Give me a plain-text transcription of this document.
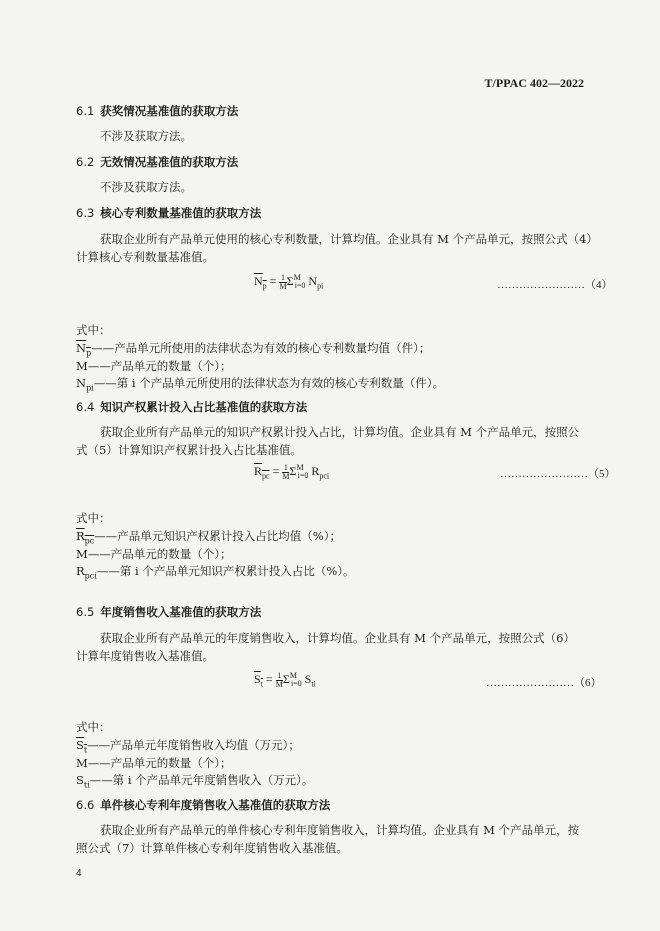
T/PPAC 402—2022
6.1 获奖情况基准值的获取方法
不涉及获取方法。
6.2 无效情况基准值的获取方法
不涉及获取方法。
6.3 核心专利数量基准值的获取方法
获取企业所有产品单元使用的核心专利数量，计算均值。企业具有 M 个产品单元，按照公式（4）
计算核心专利数量基准值。
$\overline{N}_{\overline{p}} = \frac{1}{M} \Sigma^M_{i=0}$ $N_{pi}$	……………………（4）
式中：
$\overline{N}_{\overline{p}}——$产品单元所使用的法律状态为有效的核心专利数量均值（件）；
M——产品单元的数量（个）；
$N_{pi}——$第 i 个产品单元所使用的法律状态为有效的核心专利数量（件）。
6.4 知识产权累计投入占比基准值的获取方法
获取企业所有产品单元的知识产权累计投入占比，计算均值。企业具有 M 个产品单元，按照公
式（5）计算知识产权累计投入占比基准值。
$\overline{R}_{\overline{pc}} = \frac{1}{M} \Sigma^M_{i=0}$ $R_{pci}$	……………………（5）
式中：
$\overline{R}_{\overline{pc}}——$产品单元知识产权累计投入占比均值（%）；
M——产品单元的数量（个）；
$R_{pci}——$第 i 个产品单元知识产权累计投入占比（%）。
6.5 年度销售收入基准值的获取方法
获取企业所有产品单元的年度销售收入，计算均值。企业具有 M 个产品单元，按照公式（6）
计算年度销售收入基准值。
$\overline{S}_{\overline{t}} = \frac{1}{M} \Sigma^M_{i=0}$ $S_{ti}$	……………………（6）
式中：
$\overline{S}_{\overline{t}}——$产品单元年度销售收入均值（万元）；
M——产品单元的数量（个）；
$S_{ti}——$第 i 个产品单元年度销售收入（万元）。
6.6 单件核心专利年度销售收入基准值的获取方法
获取企业所有产品单元的单件核心专利年度销售收入，计算均值。企业具有 M 个产品单元，按
照公式（7）计算单件核心专利年度销售收入基准值。
4
